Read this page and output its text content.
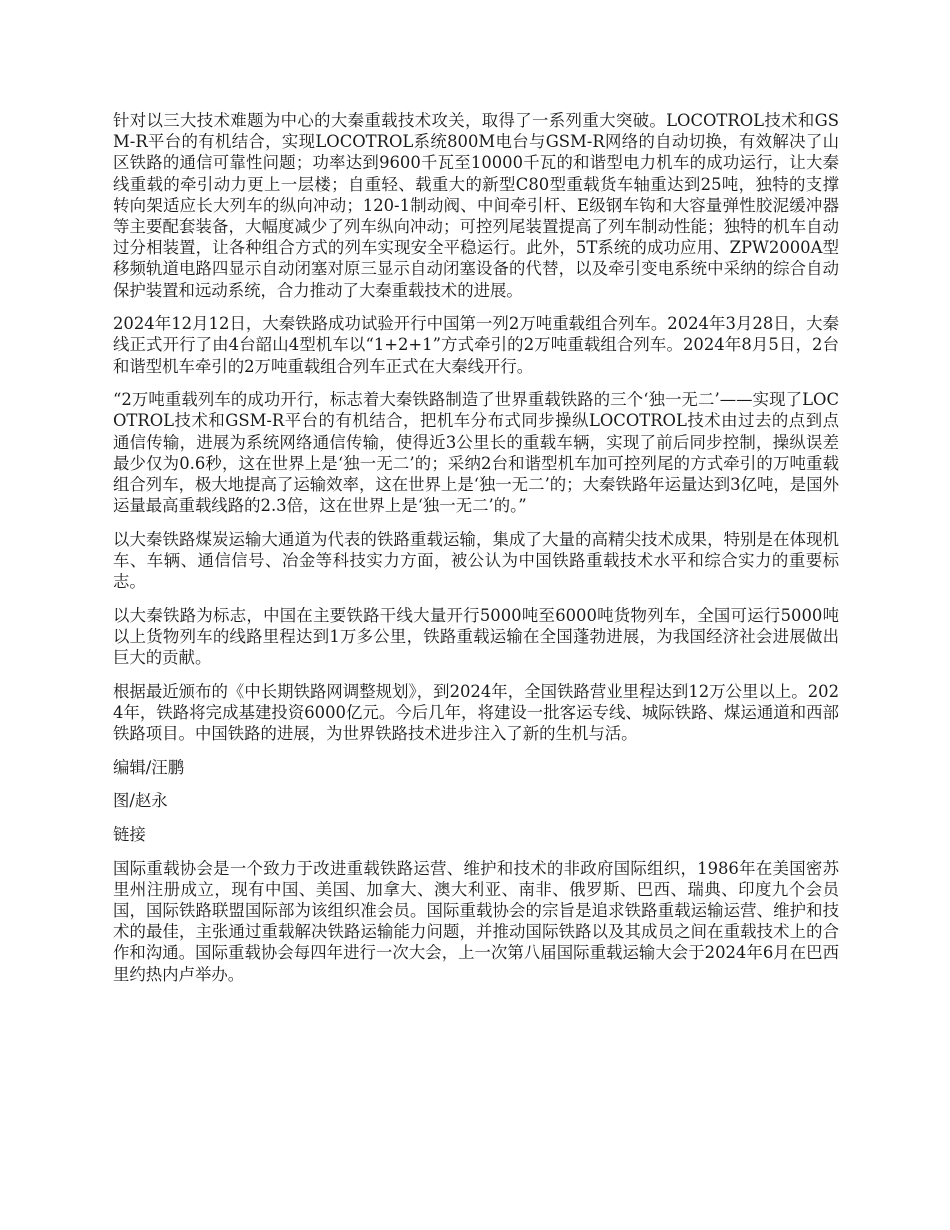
针对以三大技术难题为中心的大秦重载技术攻关，取得了一系列重大突破。LOCOTROL技术和GSM-R平台的有机结合，实现LOCOTROL系统800M电台与GSM-R网络的自动切换，有效解决了山区铁路的通信可靠性问题；功率达到9600千瓦至10000千瓦的和谐型电力机车的成功运行，让大秦线重载的牵引动力更上一层楼；自重轻、载重大的新型C80型重载货车轴重达到25吨，独特的支撑转向架适应长大列车的纵向冲动；120-1制动阀、中间牵引杆、E级钢车钩和大容量弹性胶泥缓冲器等主要配套装备，大幅度减少了列车纵向冲动；可控列尾装置提高了列车制动性能；独特的机车自动过分相装置，让各种组合方式的列车实现安全平稳运行。此外，5T系统的成功应用、ZPW2000A型移频轨道电路四显示自动闭塞对原三显示自动闭塞设备的代替，以及牵引变电系统中采纳的综合自动保护装置和远动系统，合力推动了大秦重载技术的进展。

2024年12月12日，大秦铁路成功试验开行中国第一列2万吨重载组合列车。2024年3月28日，大秦线正式开行了由4台韶山4型机车以“1+2+1”方式牵引的2万吨重载组合列车。2024年8月5日，2台和谐型机车牵引的2万吨重载组合列车正式在大秦线开行。

“2万吨重载列车的成功开行，标志着大秦铁路制造了世界重载铁路的三个‘独一无二’——实现了LOCOTROL技术和GSM-R平台的有机结合，把机车分布式同步操纵LOCOTROL技术由过去的点到点通信传输，进展为系统网络通信传输，使得近3公里长的重载车辆，实现了前后同步控制，操纵误差最少仅为0.6秒，这在世界上是‘独一无二’的；采纳2台和谐型机车加可控列尾的方式牵引的万吨重载组合列车，极大地提高了运输效率，这在世界上是‘独一无二’的；大秦铁路年运量达到3亿吨，是国外运量最高重载线路的2.3倍，这在世界上是‘独一无二’的。”

以大秦铁路煤炭运输大通道为代表的铁路重载运输，集成了大量的高精尖技术成果，特别是在体现机车、车辆、通信信号、冶金等科技实力方面，被公认为中国铁路重载技术水平和综合实力的重要标志。

以大秦铁路为标志，中国在主要铁路干线大量开行5000吨至6000吨货物列车，全国可运行5000吨以上货物列车的线路里程达到1万多公里，铁路重载运输在全国蓬勃进展，为我国经济社会进展做出巨大的贡献。

根据最近颁布的《中长期铁路网调整规划》，到2024年，全国铁路营业里程达到12万公里以上。2024年，铁路将完成基建投资6000亿元。今后几年，将建设一批客运专线、城际铁路、煤运通道和西部铁路项目。中国铁路的进展，为世界铁路技术进步注入了新的生机与活。

编辑/汪鹏

图/赵永

链接

国际重载协会是一个致力于改进重载铁路运营、维护和技术的非政府国际组织，1986年在美国密苏里州注册成立，现有中国、美国、加拿大、澳大利亚、南非、俄罗斯、巴西、瑞典、印度九个会员国，国际铁路联盟国际部为该组织准会员。国际重载协会的宗旨是追求铁路重载运输运营、维护和技术的最佳，主张通过重载解决铁路运输能力问题，并推动国际铁路以及其成员之间在重载技术上的合作和沟通。国际重载协会每四年进行一次大会，上一次第八届国际重载运输大会于2024年6月在巴西里约热内卢举办。
